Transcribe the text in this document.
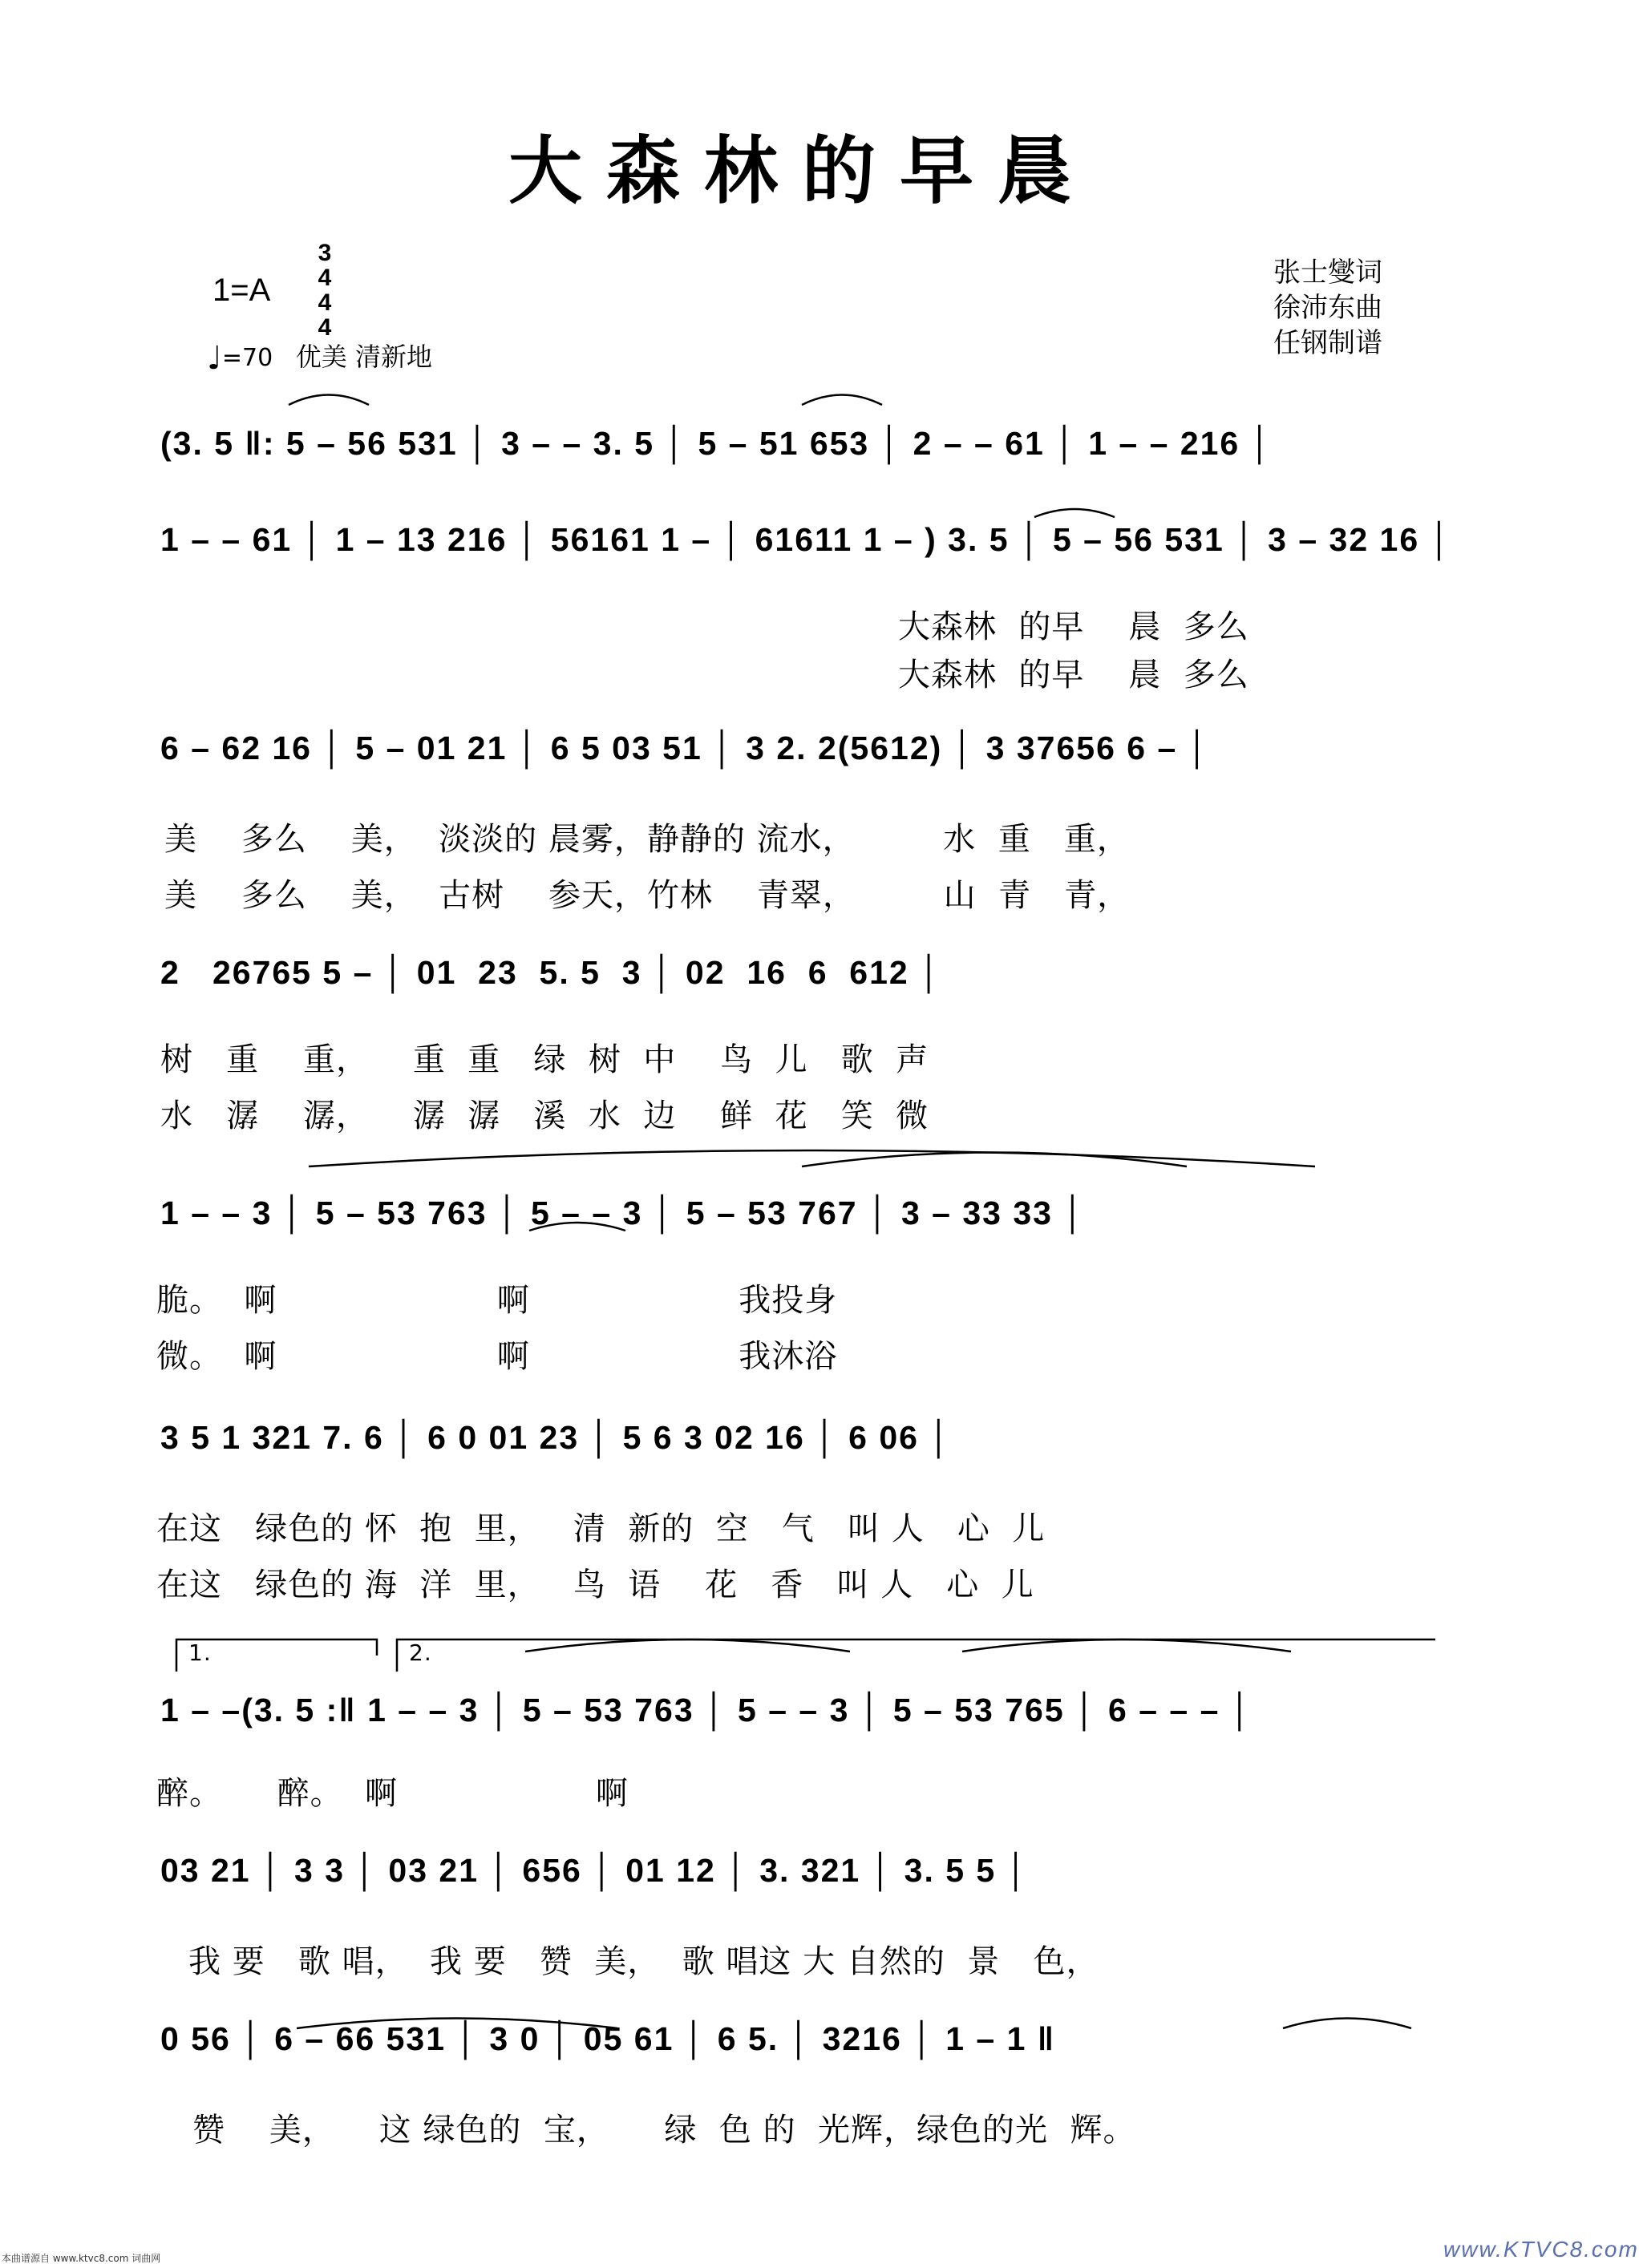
大森林的早晨
1=A
3
4
4
4
♩=70 优美 清新地
张士燮词
徐沛东曲
任钢制谱
(3. 5 ‖: 5 – 56 531 │ 3 – – 3. 5 │ 5 – 51 653 │ 2 – – 61 │ 1 – – 216 │
1 – – 61 │ 1 – 13 216 │ 56161 1 – │ 61611 1 – ) 3. 5 │ 5 – 56 531 │ 3 – 32 16 │
大森林  的早    晨  多么
大森林  的早    晨  多么
6 – 62 16 │ 5 – 01 21 │ 6 5 03 51 │ 3 2. 2(5612) │ 3 37656 6 – │
美    多么    美，  淡淡的 晨雾，静静的 流水，        水  重   重，
美    多么    美，  古树    参天，竹林    青翠，        山  青   青，
2   26765 5 – │ 01  23  5. 5  3 │ 02  16  6  612 │
树   重    重，    重  重   绿  树  中    鸟  儿   歌  声
水   潺    潺，    潺  潺   溪  水  边    鲜  花   笑  微
1 – – 3 │ 5 – 53 763 │ 5 – – 3 │ 5 – 53 767 │ 3 – 33 33 │
脆。  啊                    啊                   我投身
微。  啊                    啊                   我沐浴
3 5 1 321 7. 6 │ 6 0 01 23 │ 5 6 3 02 16 │ 6 06 │
在这   绿色的 怀  抱  里，   清  新的  空   气   叫 人   心  儿
在这   绿色的 海  洋  里，   鸟  语    花   香   叫 人   心  儿
1.	2.
1 – –(3. 5 :‖ 1 – – 3 │ 5 – 53 763 │ 5 – – 3 │ 5 – 53 765 │ 6 – – – │
醉。     醉。  啊                  啊
03 21 │ 3 3 │ 03 21 │ 656 │ 01 12 │ 3. 321 │ 3. 5 5 │
我 要   歌 唱，  我 要   赞  美，  歌 唱这 大 自然的  景   色，
0 56 │ 6 – 66 531 │ 3 0 │ 05 61 │ 6 5. │ 3216 │ 1 – 1 ‖
赞    美，    这 绿色的  宝，     绿  色 的  光辉，绿色的光  辉。
本曲谱源自 www.ktvc8.com 词曲网	www.KTVC8.com
